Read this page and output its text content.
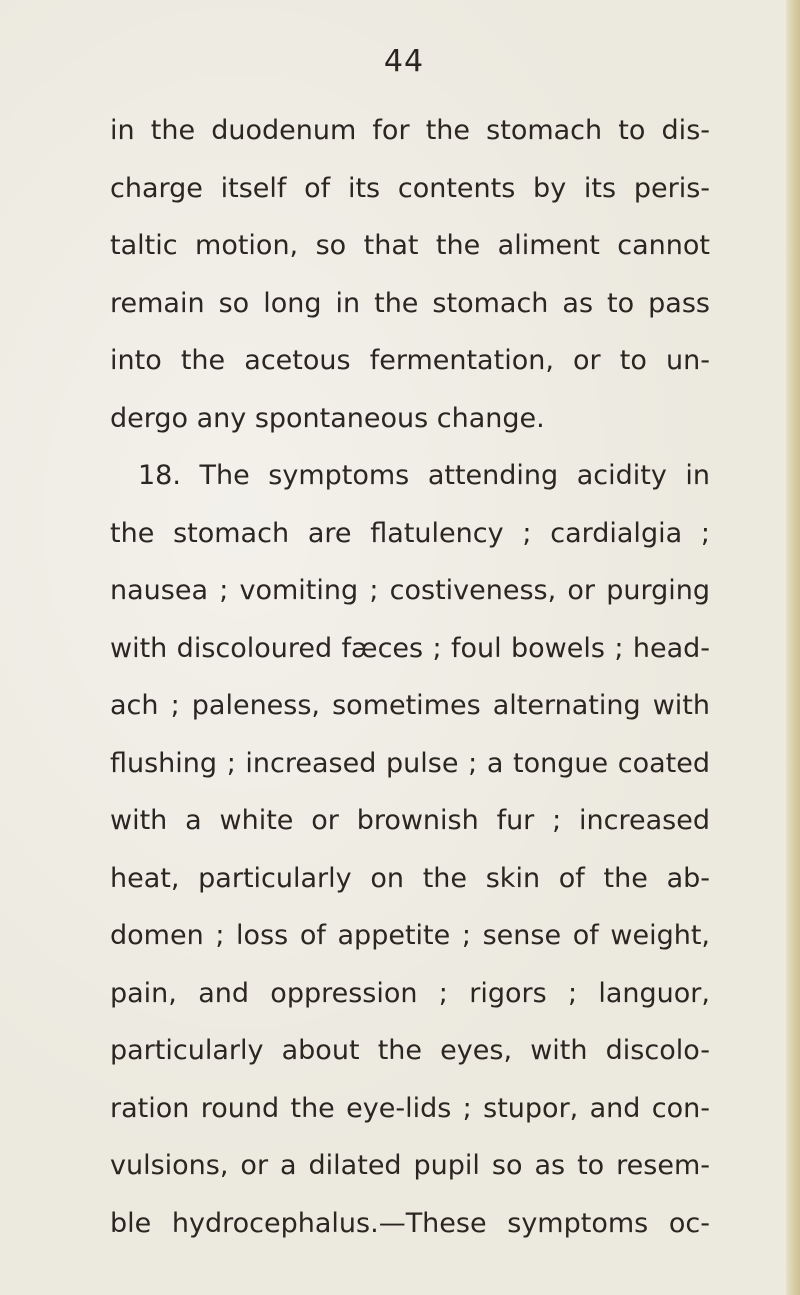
44
in the duodenum for the stomach to dis-
charge itself of its contents by its peris-
taltic motion, so that the aliment cannot
remain so long in the stomach as to pass
into the acetous fermentation, or to un-
dergo any spontaneous change.
18. The symptoms attending acidity in
the stomach are flatulency ; cardialgia ;
nausea ; vomiting ; costiveness, or purging
with discoloured fæces ; foul bowels ; head-
ach ; paleness, sometimes alternating with
flushing ; increased pulse ; a tongue coated
with a white or brownish fur ; increased
heat, particularly on the skin of the ab-
domen ; loss of appetite ; sense of weight,
pain, and oppression ; rigors ; languor,
particularly about the eyes, with discolo-
ration round the eye-lids ; stupor, and con-
vulsions, or a dilated pupil so as to resem-
ble hydrocephalus.—These symptoms oc-
